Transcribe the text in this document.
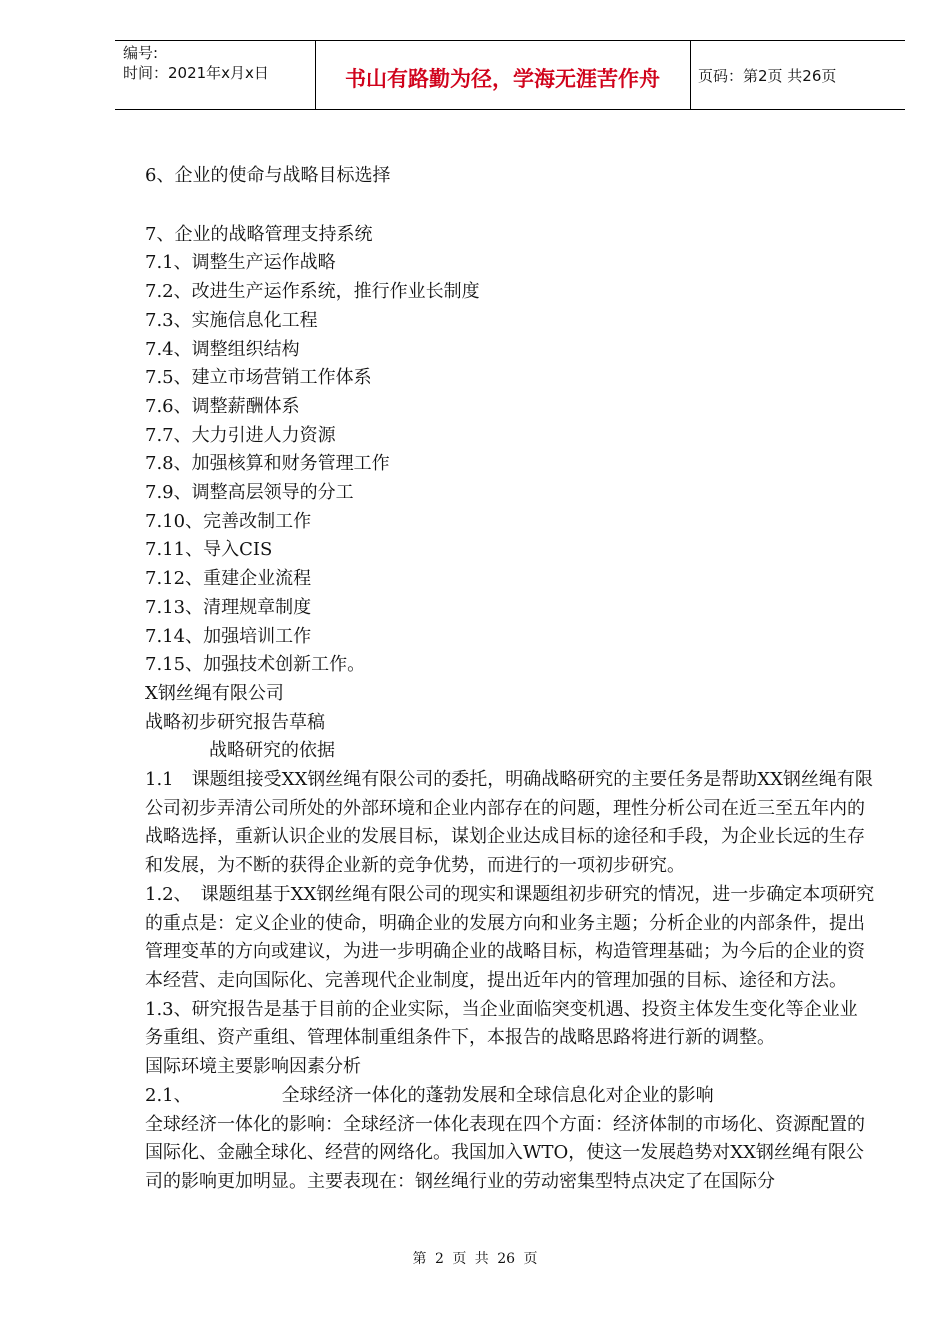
编号:
时间：2021年x月x日	书山有路勤为径，学海无涯苦作舟	页码：第2页 共26页
6、企业的使命与战略目标选择
7、企业的战略管理支持系统
7.1、调整生产运作战略
7.2、改进生产运作系统，推行作业长制度
7.3、实施信息化工程
7.4、调整组织结构
7.5、建立市场营销工作体系
7.6、调整薪酬体系
7.7、大力引进人力资源
7.8、加强核算和财务管理工作
7.9、调整高层领导的分工
7.10、完善改制工作
7.11、导入CIS
7.12、重建企业流程
7.13、清理规章制度
7.14、加强培训工作
7.15、加强技术创新工作。
X钢丝绳有限公司
战略初步研究报告草稿
战略研究的依据
1.1　课题组接受XX钢丝绳有限公司的委托，明确战略研究的主要任务是帮助XX钢丝绳有限公司初步弄清公司所处的外部环境和企业内部存在的问题，理性分析公司在近三至五年内的战略选择，重新认识企业的发展目标，谋划企业达成目标的途径和手段，为企业长远的生存和发展，为不断的获得企业新的竞争优势，而进行的一项初步研究。
1.2、　课题组基于XX钢丝绳有限公司的现实和课题组初步研究的情况，进一步确定本项研究的重点是：定义企业的使命，明确企业的发展方向和业务主题；分析企业的内部条件，提出管理变革的方向或建议，为进一步明确企业的战略目标，构造管理基础；为今后的企业的资本经营、走向国际化、完善现代企业制度，提出近年内的管理加强的目标、途径和方法。
1.3、研究报告是基于目前的企业实际，当企业面临突变机遇、投资主体发生变化等企业业务重组、资产重组、管理体制重组条件下，本报告的战略思路将进行新的调整。
国际环境主要影响因素分析
2.1、	全球经济一体化的蓬勃发展和全球信息化对企业的影响
全球经济一体化的影响：全球经济一体化表现在四个方面：经济体制的市场化、资源配置的国际化、金融全球化、经营的网络化。我国加入WTO，使这一发展趋势对XX钢丝绳有限公司的影响更加明显。主要表现在：钢丝绳行业的劳动密集型特点决定了在国际分
第 2 页 共 26 页
